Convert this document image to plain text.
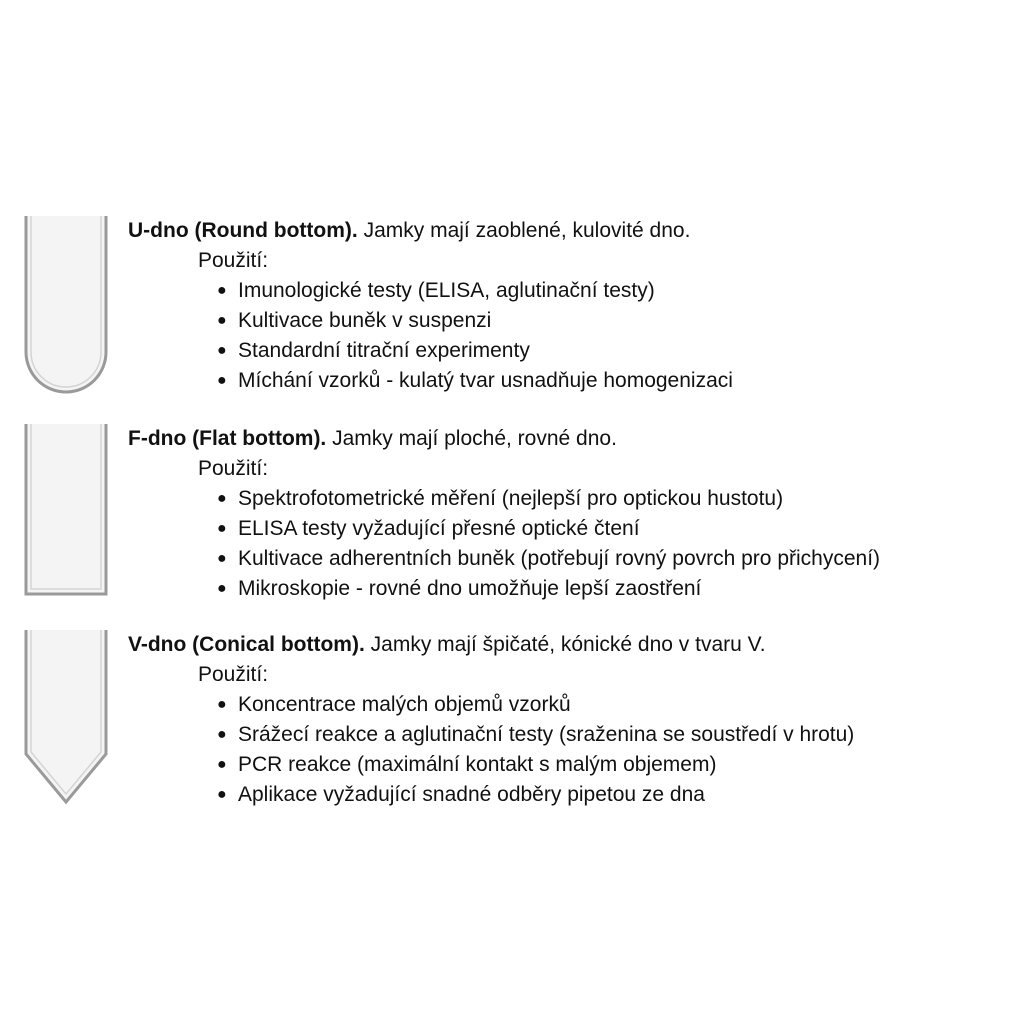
U-dno (Round bottom). Jamky mají zaoblené, kulovité dno.
Použití:
● Imunologické testy (ELISA, aglutinační testy)
● Kultivace buněk v suspenzi
● Standardní titrační experimenty
● Míchání vzorků - kulatý tvar usnadňuje homogenizaci
F-dno (Flat bottom). Jamky mají ploché, rovné dno.
Použití:
● Spektrofotometrické měření (nejlepší pro optickou hustotu)
● ELISA testy vyžadující přesné optické čtení
● Kultivace adherentních buněk (potřebují rovný povrch pro přichycení)
● Mikroskopie - rovné dno umožňuje lepší zaostření
V-dno (Conical bottom). Jamky mají špičaté, kónické dno v tvaru V.
Použití:
● Koncentrace malých objemů vzorků
● Srážecí reakce a aglutinační testy (sraženina se soustředí v hrotu)
● PCR reakce (maximální kontakt s malým objemem)
● Aplikace vyžadující snadné odběry pipetou ze dna
